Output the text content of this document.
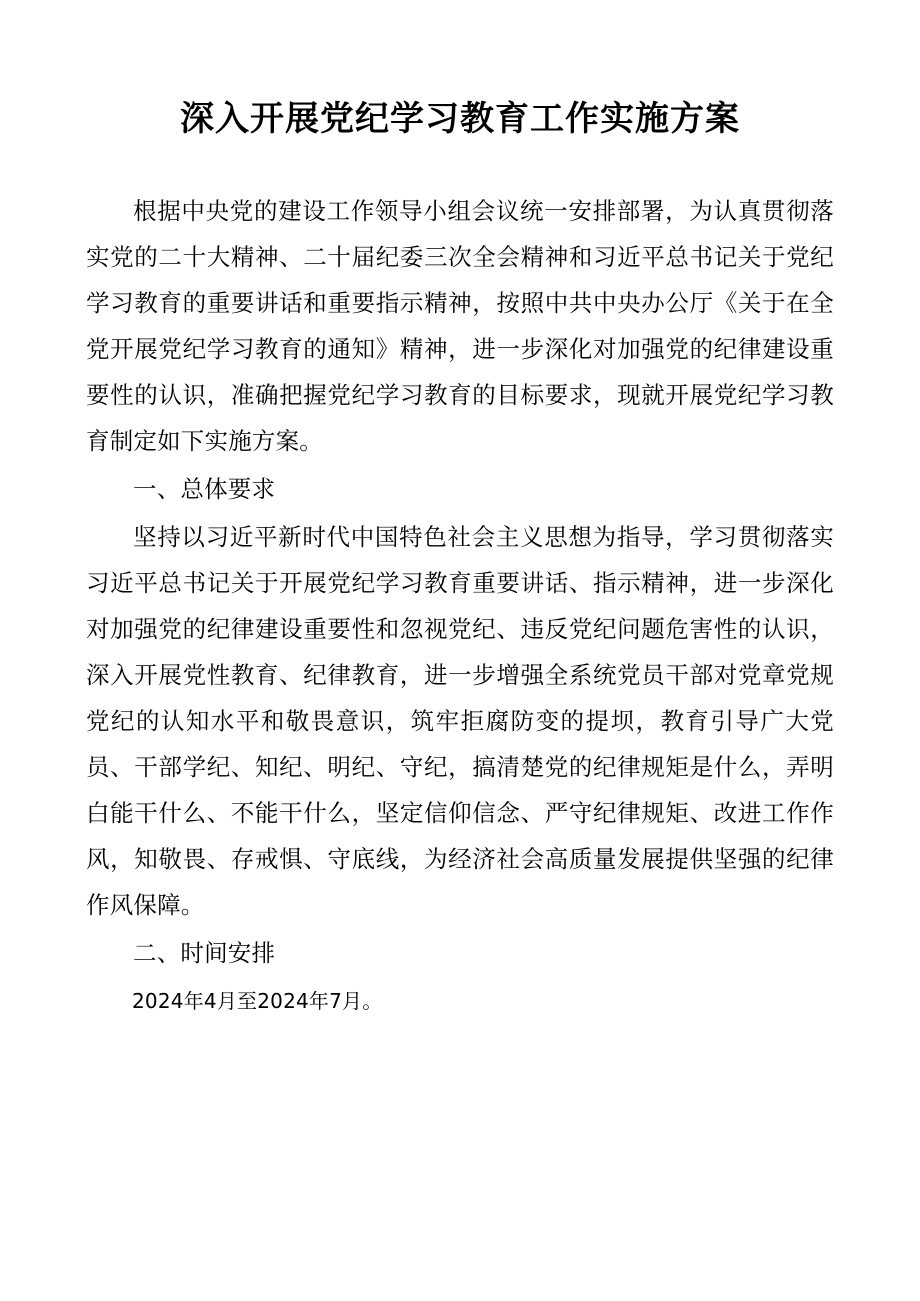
深入开展党纪学习教育工作实施方案

根据中央党的建设工作领导小组会议统一安排部署，为认真贯彻落实党的二十大精神、二十届纪委三次全会精神和习近平总书记关于党纪学习教育的重要讲话和重要指示精神，按照中共中央办公厅《关于在全党开展党纪学习教育的通知》精神，进一步深化对加强党的纪律建设重要性的认识，准确把握党纪学习教育的目标要求，现就开展党纪学习教育制定如下实施方案。

一、总体要求

坚持以习近平新时代中国特色社会主义思想为指导，学习贯彻落实习近平总书记关于开展党纪学习教育重要讲话、指示精神，进一步深化对加强党的纪律建设重要性和忽视党纪、违反党纪问题危害性的认识，深入开展党性教育、纪律教育，进一步增强全系统党员干部对党章党规党纪的认知水平和敬畏意识，筑牢拒腐防变的提坝，教育引导广大党员、干部学纪、知纪、明纪、守纪，搞清楚党的纪律规矩是什么，弄明白能干什么、不能干什么，坚定信仰信念、严守纪律规矩、改进工作作风，知敬畏、存戒惧、守底线，为经济社会高质量发展提供坚强的纪律作风保障。

二、时间安排

2024年4月至2024年7月。
